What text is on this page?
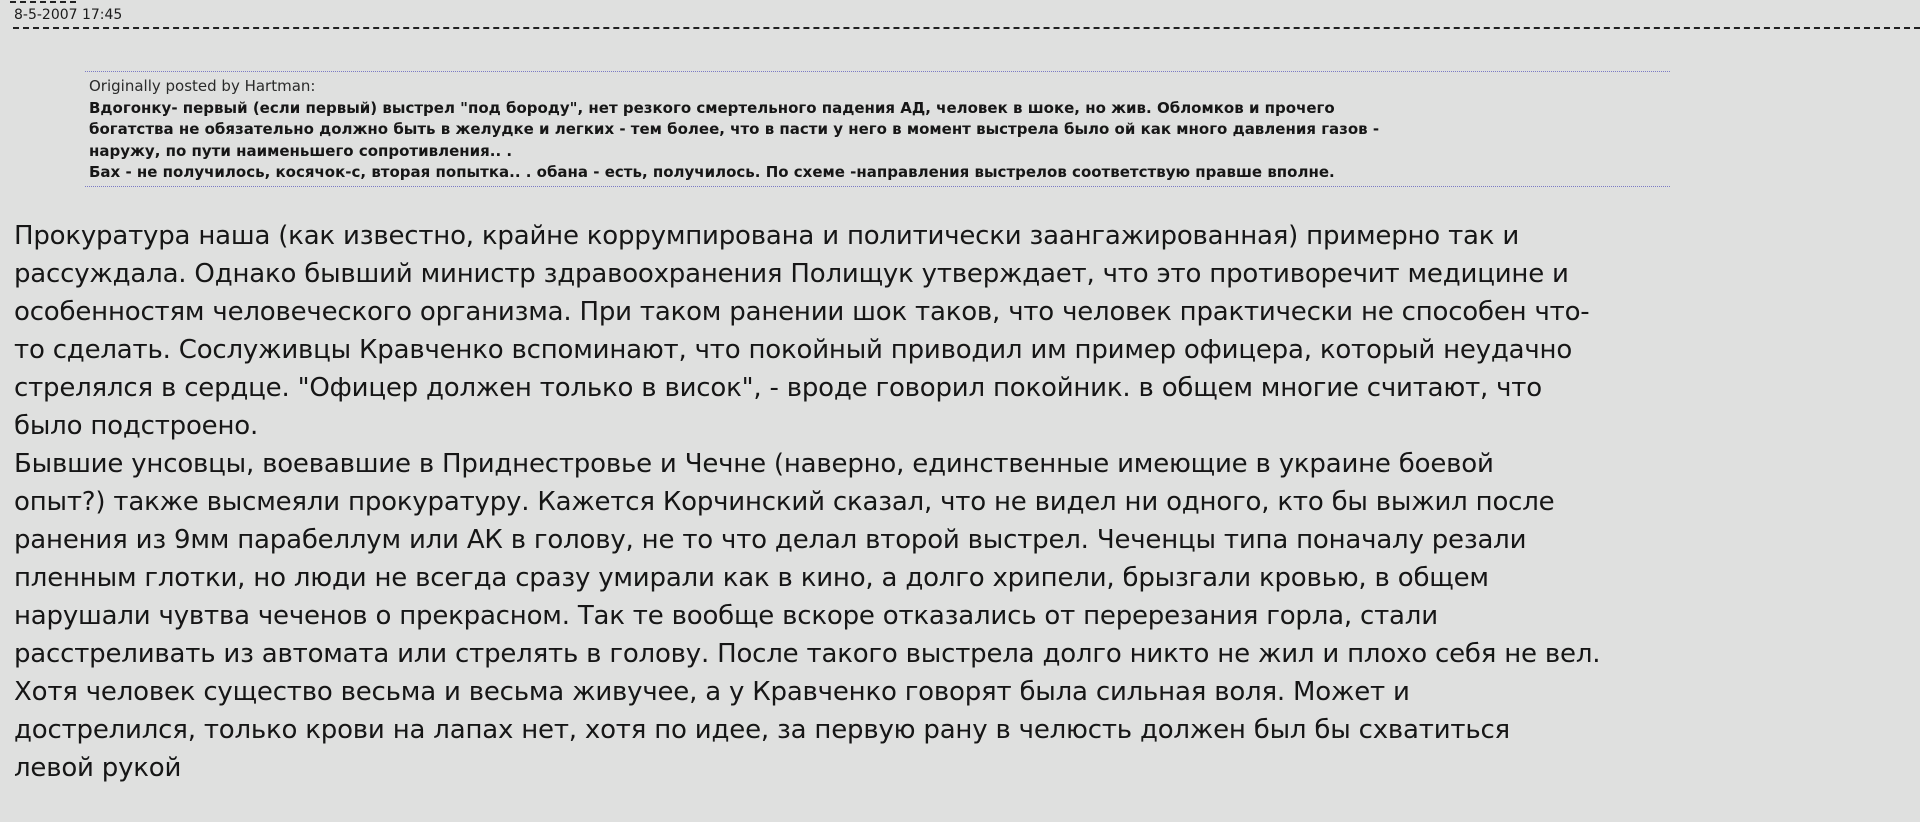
8-5-2007 17:45
Originally posted by Hartman:
Вдогонку- первый (если первый) выстрел "под бороду", нет резкого смертельного падения АД, человек в шоке, но жив. Обломков и прочего
богатства не обязательно должно быть в желудке и легких - тем более, что в пасти у него в момент выстрела было ой как много давления газов -
наружу, по пути наименьшего сопротивления.. .
Бах - не получилось, косячок-с, вторая попытка.. . обана - есть, получилось. По схеме -направления выстрелов соответствую правше вполне.
Прокуратура наша (как известно, крайне коррумпирована и политически заангажированная) примерно так и
рассуждала. Однако бывший министр здравоохранения Полищук утверждает, что это противоречит медицине и
особенностям человеческого организма. При таком ранении шок таков, что человек практически не способен что-
то сделать. Сослуживцы Кравченко вспоминают, что покойный приводил им пример офицера, который неудачно
стрелялся в сердце. "Офицер должен только в висок", - вроде говорил покойник. в общем многие считают, что
было подстроено.
Бывшие унсовцы, воевавшие в Приднестровье и Чечне (наверно, единственные имеющие в украине боевой
опыт?) также высмеяли прокуратуру. Кажется Корчинский сказал, что не видел ни одного, кто бы выжил после
ранения из 9мм парабеллум или АК в голову, не то что делал второй выстрел. Чеченцы типа поначалу резали
пленным глотки, но люди не всегда сразу умирали как в кино, а долго хрипели, брызгали кровью, в общем
нарушали чувтва чеченов о прекрасном. Так те вообще вскоре отказались от перерезания горла, стали
расстреливать из автомата или стрелять в голову. После такого выстрела долго никто не жил и плохо себя не вел.
Хотя человек существо весьма и весьма живучее, а у Кравченко говорят была сильная воля. Может и
дострелился, только крови на лапах нет, хотя по идее, за первую рану в челюсть должен был бы схватиться
левой рукой
